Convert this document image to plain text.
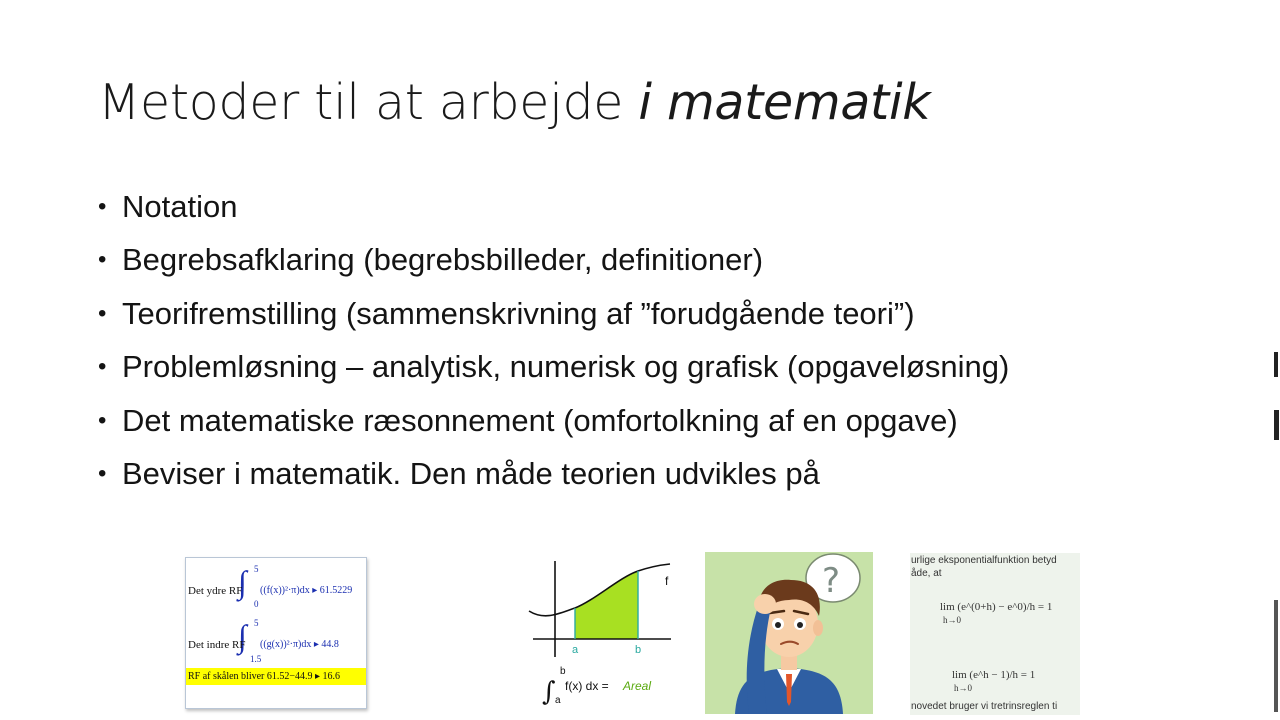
Metoder til at arbejde i matematik
• Notation
• Begrebsafklaring (begrebsbilleder, definitioner)
• Teorifremstilling (sammenskrivning af ”forudgående teori”)
• Problemløsning – analytisk, numerisk og grafisk (opgaveløsning)
• Det matematiske ræsonnement (omfortolkning af en opgave)
• Beviser i matematik. Den måde teorien udvikles på
∫ 5
0
Det ydre RF ((f(x))²·π)dx ▸ 61.5229
∫ 5
1.5
Det indre RF ((g(x))²·π)dx ▸ 44.8
RF af skålen bliver 61.52−44.9 ▸ 16.6
f
a	b
∫
b
a
f(x) dx = Areal
?
urlige eksponentialfunktion betyd
åde, at
lim (e^(0+h) − e^0)/h = 1
h→0
lim (e^h − 1)/h = 1
h→0
novedet bruger vi tretrinsreglen ti
